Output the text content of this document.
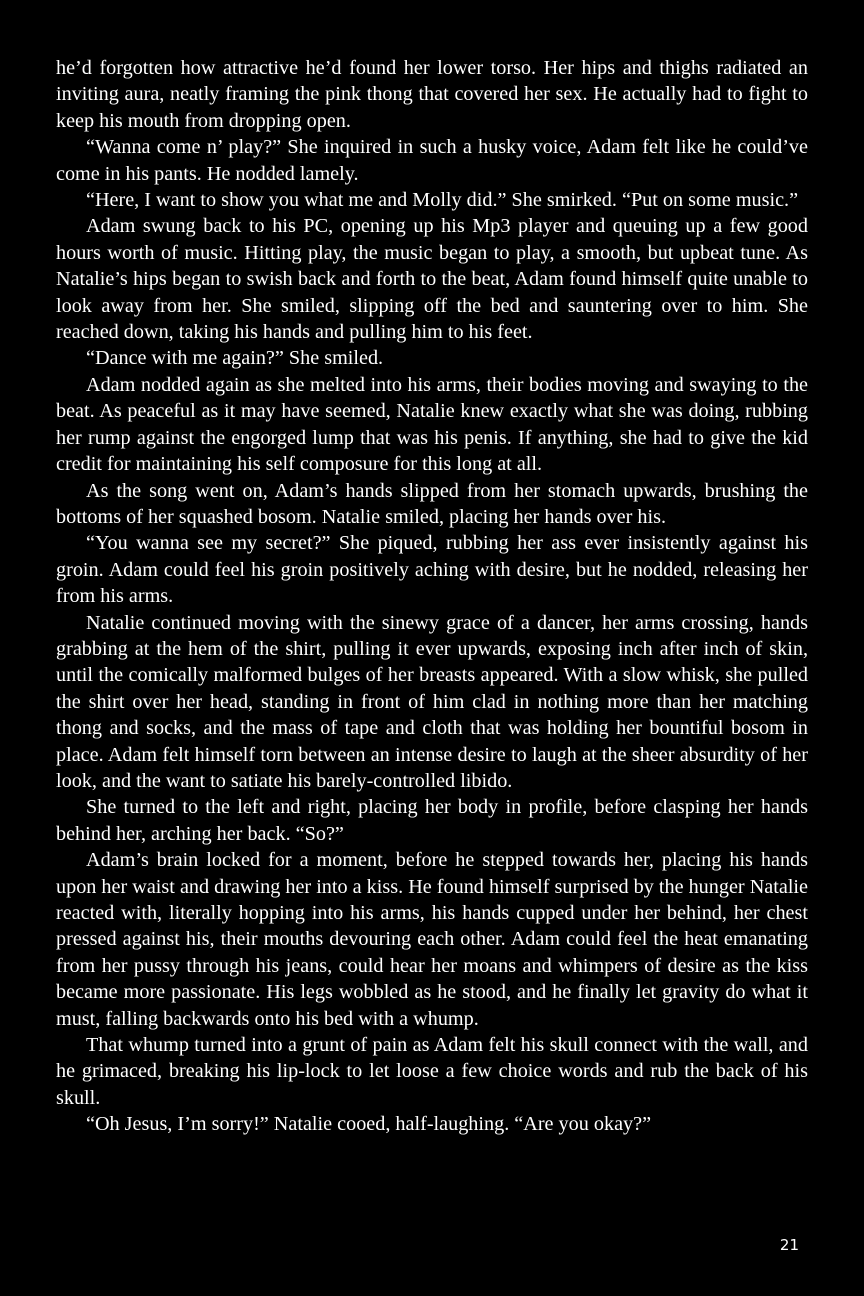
he’d forgotten how attractive he’d found her lower torso. Her hips and thighs radiated an inviting aura, neatly framing the pink thong that covered her sex. He actually had to fight to keep his mouth from dropping open.

“Wanna come n’ play?” She inquired in such a husky voice, Adam felt like he could’ve come in his pants. He nodded lamely.

“Here, I want to show you what me and Molly did.” She smirked. “Put on some music.”

Adam swung back to his PC, opening up his Mp3 player and queuing up a few good hours worth of music. Hitting play, the music began to play, a smooth, but upbeat tune. As Natalie’s hips began to swish back and forth to the beat, Adam found himself quite unable to look away from her. She smiled, slipping off the bed and sauntering over to him. She reached down, taking his hands and pulling him to his feet.

“Dance with me again?” She smiled.

Adam nodded again as she melted into his arms, their bodies moving and swaying to the beat. As peaceful as it may have seemed, Natalie knew exactly what she was doing, rubbing her rump against the engorged lump that was his penis. If anything, she had to give the kid credit for maintaining his self composure for this long at all.

As the song went on, Adam’s hands slipped from her stomach upwards, brushing the bottoms of her squashed bosom. Natalie smiled, placing her hands over his.

“You wanna see my secret?” She piqued, rubbing her ass ever insistently against his groin. Adam could feel his groin positively aching with desire, but he nodded, releasing her from his arms.

Natalie continued moving with the sinewy grace of a dancer, her arms crossing, hands grabbing at the hem of the shirt, pulling it ever upwards, exposing inch after inch of skin, until the comically malformed bulges of her breasts appeared. With a slow whisk, she pulled the shirt over her head, standing in front of him clad in nothing more than her matching thong and socks, and the mass of tape and cloth that was holding her bountiful bosom in place. Adam felt himself torn between an intense desire to laugh at the sheer absurdity of her look, and the want to satiate his barely-controlled libido.

She turned to the left and right, placing her body in profile, before clasping her hands behind her, arching her back. “So?”

Adam’s brain locked for a moment, before he stepped towards her, placing his hands upon her waist and drawing her into a kiss. He found himself surprised by the hunger Natalie reacted with, literally hopping into his arms, his hands cupped under her behind, her chest pressed against his, their mouths devouring each other. Adam could feel the heat emanating from her pussy through his jeans, could hear her moans and whimpers of desire as the kiss became more passionate. His legs wobbled as he stood, and he finally let gravity do what it must, falling backwards onto his bed with a whump.

That whump turned into a grunt of pain as Adam felt his skull connect with the wall, and he grimaced, breaking his lip-lock to let loose a few choice words and rub the back of his skull.

“Oh Jesus, I’m sorry!” Natalie cooed, half-laughing. “Are you okay?”

21
